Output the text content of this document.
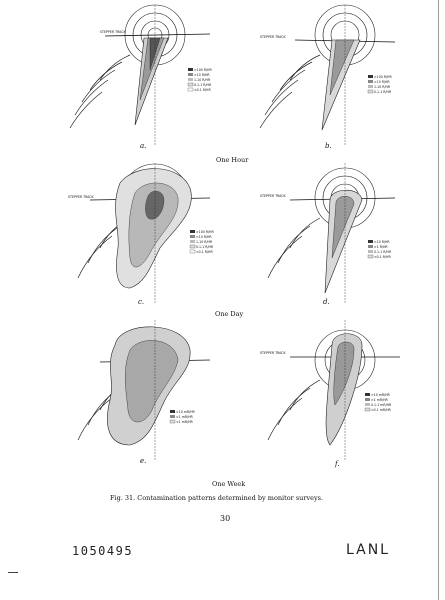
STEPPER TRACK
>100 R/HR
>10 R/HR
1-10 R/HR
0.1-1 R/HR
<0.1 R/HR
a.
STEPPER TRACK
>100 R/HR
>10 R/HR
1-10 R/HR
0.1-1 R/HR
b.
One Hour
STEPPER TRACK
>100 R/HR
>10 R/HR
1-10 R/HR
0.1-1 R/HR
<0.1 R/HR
c.
STEPPER TRACK
>10 R/HR
>1 R/HR
0.1-1 R/HR
<0.1 R/HR
d.
One Day
>10 mR/HR
>1 mR/HR
<1 mR/HR
e.
STEPPER TRACK
>10 mR/HR
>1 mR/HR
0.1-1 mR/HR
<0.1 mR/HR
f.
One Week
Fig. 31. Contamination patterns determined by monitor surveys.
30
1050495	LANL
